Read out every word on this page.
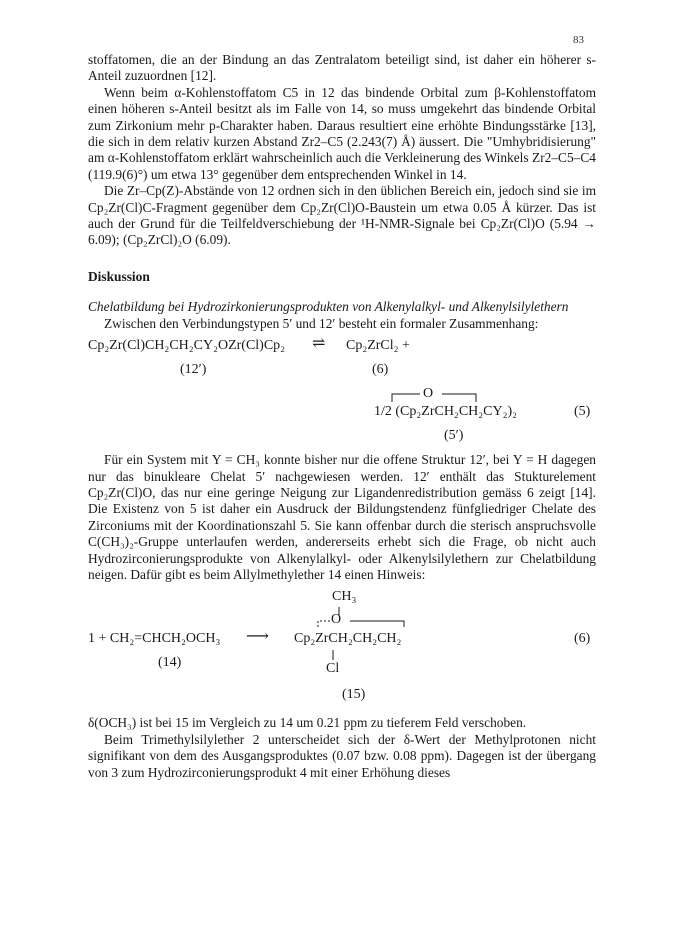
83

stoffatomen, die an der Bindung an das Zentralatom beteiligt sind, ist daher ein höherer s-Anteil zuzuordnen [12].

Wenn beim α-Kohlenstoffatom C5 in 12 das bindende Orbital zum β-Kohlenstoffatom einen höheren s-Anteil besitzt als im Falle von 14, so muss umgekehrt das bindende Orbital zum Zirkonium mehr p-Charakter haben. Daraus resultiert eine erhöhte Bindungsstärke [13], die sich in dem relativ kurzen Abstand Zr2–C5 (2.243(7) Å) äussert. Die "Umhybridisierung" am α-Kohlenstoffatom erklärt wahrscheinlich auch die Verkleinerung des Winkels Zr2–C5–C4 (119.9(6)°) um etwa 13° gegenüber dem entsprechenden Winkel in 14.

Die Zr–Cp(Z)-Abstände von 12 ordnen sich in den üblichen Bereich ein, jedoch sind sie im Cp₂Zr(Cl)C-Fragment gegenüber dem Cp₂Zr(Cl)O-Baustein um etwa 0.05 Å kürzer. Das ist auch der Grund für die Teilfeldverschiebung der ¹H-NMR-Signale bei Cp₂Zr(Cl)O (5.94 → 6.09); (Cp₂ZrCl)₂O (6.09).

Diskussion

Chelatbildung bei Hydrozirkonierungsprodukten von Alkenylalkyl- und Alkenylsilylethern

Zwischen den Verbindungstypen 5′ und 12′ besteht ein formaler Zusammenhang:

Cp₂Zr(Cl)CH₂CH₂CY₂OZr(Cl)Cp₂ ⇌ Cp₂ZrCl₂ +
(12′)	(6)
O
1/2 (Cp₂ZrCH₂CH₂CY₂)₂	(5)
(5′)

Für ein System mit Y = CH₃ konnte bisher nur die offene Struktur 12′, bei Y = H dagegen nur das binukleare Chelat 5′ nachgewiesen werden. 12′ enthält das Stukturelement Cp₂Zr(Cl)O, das nur eine geringe Neigung zur Ligandenredistribution gemäss 6 zeigt [14]. Die Existenz von 5 ist daher ein Ausdruck der Bildungstendenz fünfgliedriger Chelate des Zirconiums mit der Koordinationszahl 5. Sie kann offenbar durch die sterisch anspruchsvolle C(CH₃)₂-Gruppe unterlaufen werden, andererseits erhebt sich die Frage, ob nicht auch Hydrozirconierungsprodukte von Alkenylalkyl- oder Alkenylsilylethern zur Chelatbildung neigen. Dafür gibt es beim Allylmethylether 14 einen Hinweis:

CH₃
O
1 + CH₂=CHCH₂OCH₃ ⟶ Cp₂ZrCH₂CH₂CH₂	(6)
Cl
(14)
(15)

δ(OCH₃) ist bei 15 im Vergleich zu 14 um 0.21 ppm zu tieferem Feld verschoben.

Beim Trimethylsilylether 2 unterscheidet sich der δ-Wert der Methylprotonen nicht signifikant von dem des Ausgangsproduktes (0.07 bzw. 0.08 ppm). Dagegen ist der übergang von 3 zum Hydrozirconierungsprodukt 4 mit einer Erhöhung dieses
